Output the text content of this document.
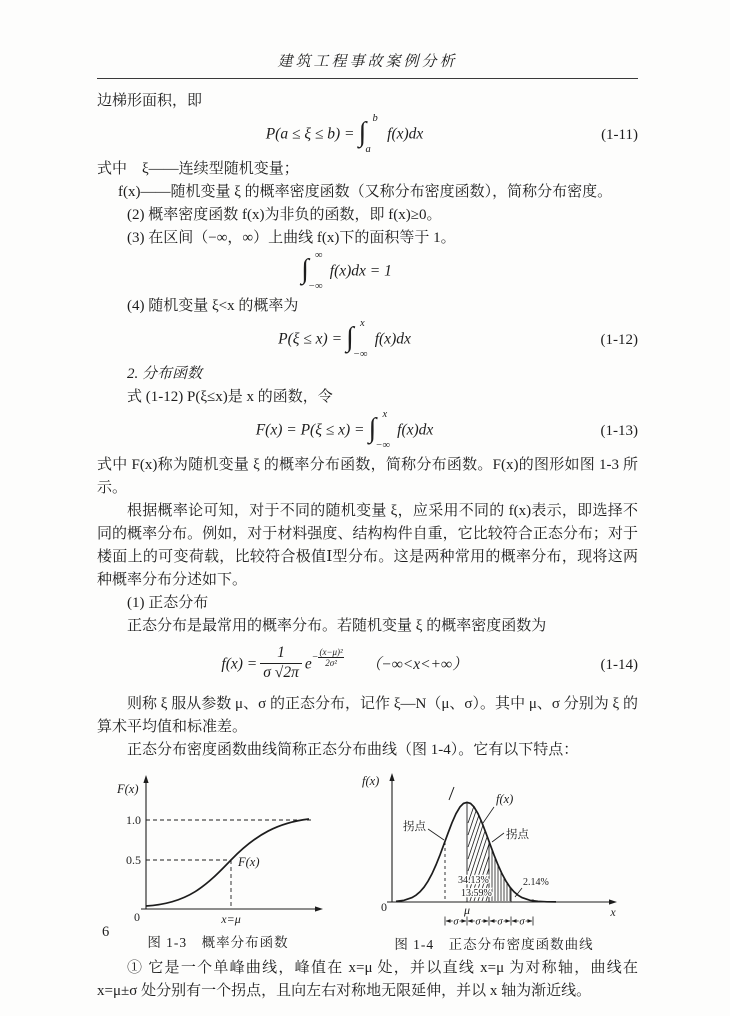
建筑工程事故案例分析

边梯形面积，即

P(a ≤ ξ ≤ b) = ∫ b
a
f(x)dx	(1-11)

式中　ξ——连续型随机变量；

f(x)——随机变量 ξ 的概率密度函数（又称分布密度函数），简称分布密度。

(2) 概率密度函数 f(x)为非负的函数，即 f(x)≥0。

(3) 在区间（−∞，∞）上曲线 f(x)下的面积等于 1。

∫ ∞
−∞
f(x)dx = 1

(4) 随机变量 ξ<x 的概率为

P(ξ ≤ x) = ∫ x
−∞
f(x)dx	(1-12)

2. 分布函数

式 (1-12) P(ξ≤x)是 x 的函数，令

F(x) = P(ξ ≤ x) = ∫ x
−∞
f(x)dx	(1-13)

式中 F(x)称为随机变量 ξ 的概率分布函数，简称分布函数。F(x)的图形如图 1-3 所示。

根据概率论可知，对于不同的随机变量 ξ，应采用不同的 f(x)表示，即选择不同的概率分布。例如，对于材料强度、结构构件自重，它比较符合正态分布；对于楼面上的可变荷载，比较符合极值Ⅰ型分布。这是两种常用的概率分布，现将这两种概率分布分述如下。

(1) 正态分布

正态分布是最常用的概率分布。若随机变量 ξ 的概率密度函数为

$f(x) = \frac{1}{\sigma √2\pi} e- \frac{\text{(x−μ)²}}{\text{2σ²}} (-\infty<x<+\infty)$	(1-14)

则称 ξ 服从参数 μ、σ 的正态分布，记作 ξ—N（μ、σ）。其中 μ、σ 分别为 ξ 的算术平均值和标准差。

正态分布密度函数曲线简称正态分布曲线（图 1-4）。它有以下特点：

F(x)
1.0
0.5	F(x)
0	x=μ
图 1-3　概率分布函数
f(x)
0
拐点
f(x)
拐点
34.13%
13.59%
2.14%
μ	x
σ σ σ σ
图 1-4　正态分布密度函数曲线

① 它是一个单峰曲线，峰值在 x=μ 处，并以直线 x=μ 为对称轴，曲线在 x=μ±σ 处分别有一个拐点，且向左右对称地无限延伸，并以 x 轴为渐近线。

6
